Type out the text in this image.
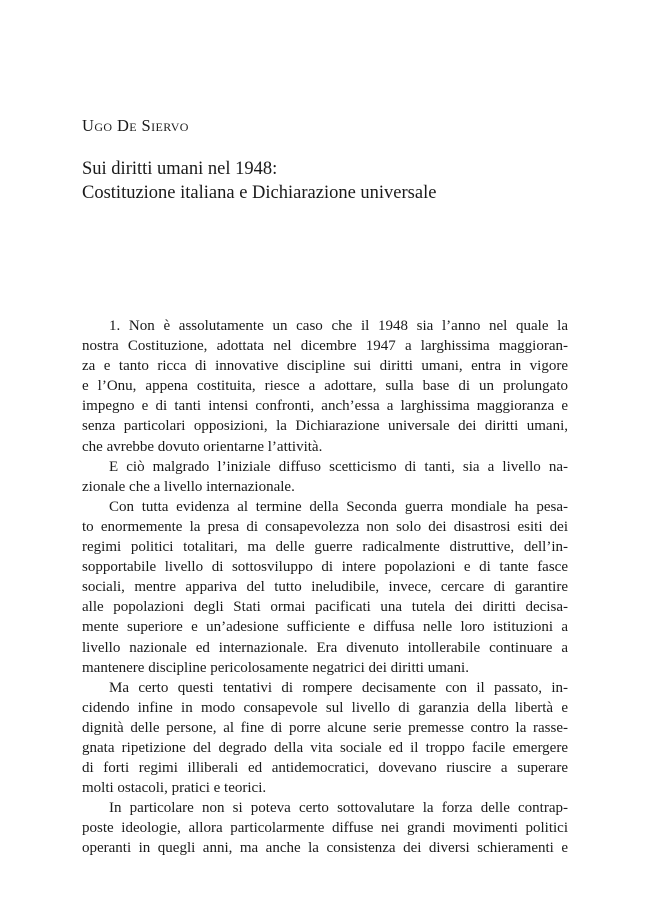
Ugo De Siervo
Sui diritti umani nel 1948:
Costituzione italiana e Dichiarazione universale
1. Non è assolutamente un caso che il 1948 sia l’anno nel quale la
nostra Costituzione, adottata nel dicembre 1947 a larghissima maggioran-
za e tanto ricca di innovative discipline sui diritti umani, entra in vigore
e l’Onu, appena costituita, riesce a adottare, sulla base di un prolungato
impegno e di tanti intensi confronti, anch’essa a larghissima maggioranza e
senza particolari opposizioni, la Dichiarazione universale dei diritti umani,
che avrebbe dovuto orientarne l’attività.
E ciò malgrado l’iniziale diffuso scetticismo di tanti, sia a livello na-
zionale che a livello internazionale.
Con tutta evidenza al termine della Seconda guerra mondiale ha pesa-
to enormemente la presa di consapevolezza non solo dei disastrosi esiti dei
regimi politici totalitari, ma delle guerre radicalmente distruttive, dell’in-
sopportabile livello di sottosviluppo di intere popolazioni e di tante fasce
sociali, mentre appariva del tutto ineludibile, invece, cercare di garantire
alle popolazioni degli Stati ormai pacificati una tutela dei diritti decisa-
mente superiore e un’adesione sufficiente e diffusa nelle loro istituzioni a
livello nazionale ed internazionale. Era divenuto intollerabile continuare a
mantenere discipline pericolosamente negatrici dei diritti umani.
Ma certo questi tentativi di rompere decisamente con il passato, in-
cidendo infine in modo consapevole sul livello di garanzia della libertà e
dignità delle persone, al fine di porre alcune serie premesse contro la rasse-
gnata ripetizione del degrado della vita sociale ed il troppo facile emergere
di forti regimi illiberali ed antidemocratici, dovevano riuscire a superare
molti ostacoli, pratici e teorici.
In particolare non si poteva certo sottovalutare la forza delle contrap-
poste ideologie, allora particolarmente diffuse nei grandi movimenti politici
operanti in quegli anni, ma anche la consistenza dei diversi schieramenti e
